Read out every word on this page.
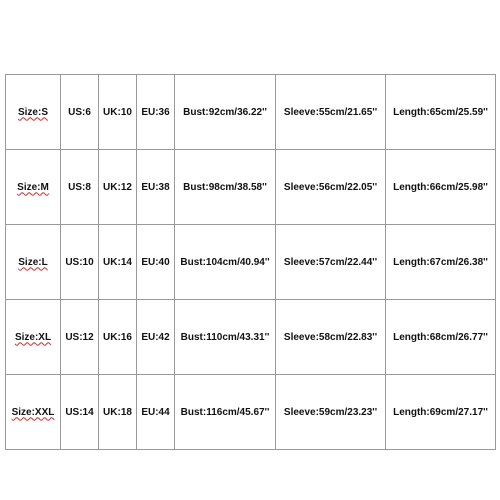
Size:S	US:6	UK:10	EU:36	Bust:92cm/36.22''	Sleeve:55cm/21.65''	Length:65cm/25.59''
Size:M	US:8	UK:12	EU:38	Bust:98cm/38.58''	Sleeve:56cm/22.05''	Length:66cm/25.98''
Size:L	US:10	UK:14	EU:40	Bust:104cm/40.94''	Sleeve:57cm/22.44''	Length:67cm/26.38''
Size:XL	US:12	UK:16	EU:42	Bust:110cm/43.31''	Sleeve:58cm/22.83''	Length:68cm/26.77''
Size:XXL	US:14	UK:18	EU:44	Bust:116cm/45.67''	Sleeve:59cm/23.23''	Length:69cm/27.17''
